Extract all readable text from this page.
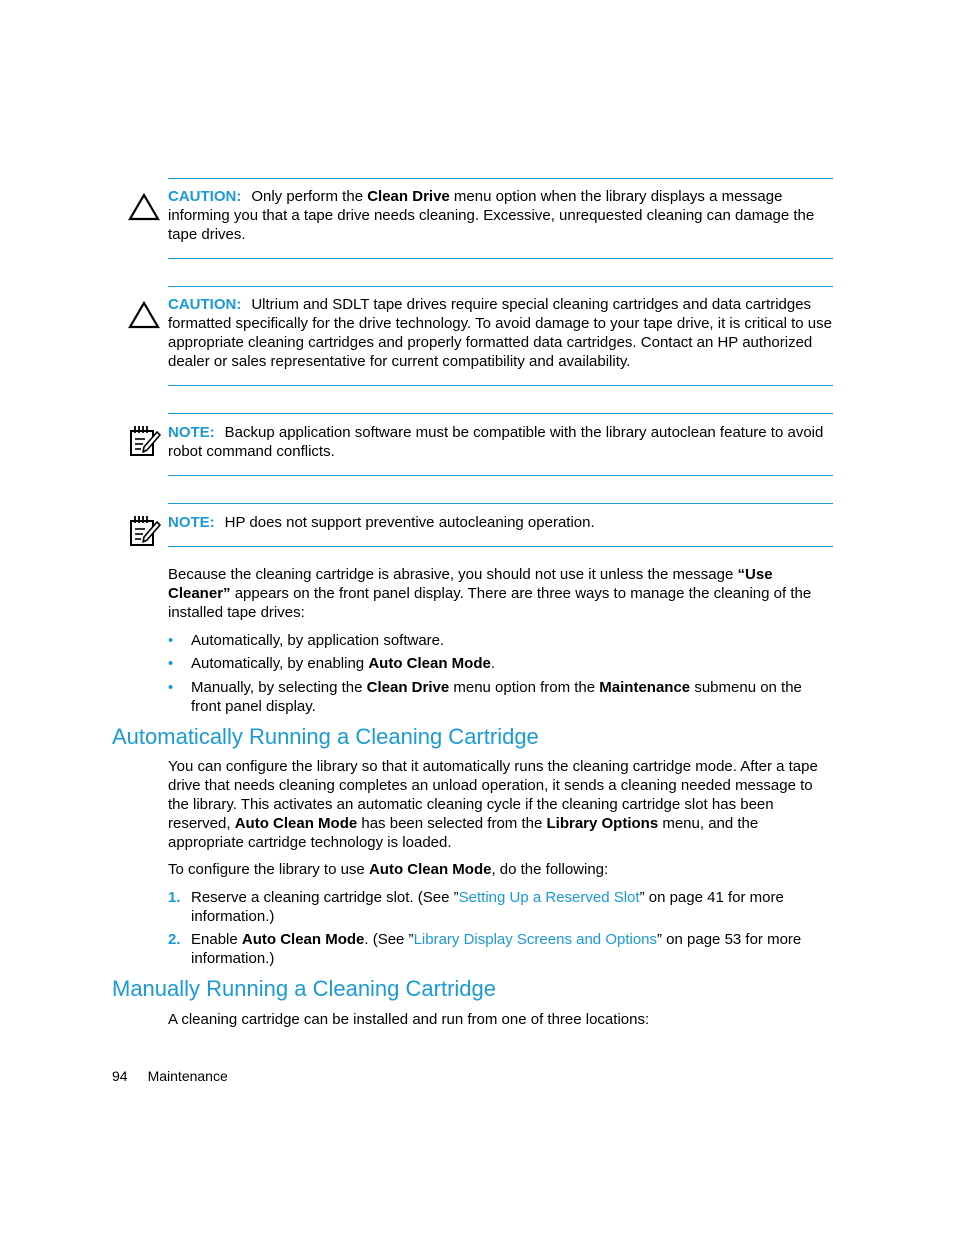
CAUTION: Only perform the Clean Drive menu option when the library displays a message informing you that a tape drive needs cleaning. Excessive, unrequested cleaning can damage the tape drives.
CAUTION: Ultrium and SDLT tape drives require special cleaning cartridges and data cartridges formatted specifically for the drive technology. To avoid damage to your tape drive, it is critical to use appropriate cleaning cartridges and properly formatted data cartridges. Contact an HP authorized dealer or sales representative for current compatibility and availability.
NOTE: Backup application software must be compatible with the library autoclean feature to avoid robot command conflicts.
NOTE: HP does not support preventive autocleaning operation.
Because the cleaning cartridge is abrasive, you should not use it unless the message “Use Cleaner” appears on the front panel display. There are three ways to manage the cleaning of the installed tape drives:
• Automatically, by application software.
• Automatically, by enabling Auto Clean Mode.
• Manually, by selecting the Clean Drive menu option from the Maintenance submenu on the front panel display.
Automatically Running a Cleaning Cartridge
You can configure the library so that it automatically runs the cleaning cartridge mode. After a tape drive that needs cleaning completes an unload operation, it sends a cleaning needed message to the library. This activates an automatic cleaning cycle if the cleaning cartridge slot has been reserved, Auto Clean Mode has been selected from the Library Options menu, and the appropriate cartridge technology is loaded.
To configure the library to use Auto Clean Mode, do the following:
1. Reserve a cleaning cartridge slot. (See ”Setting Up a Reserved Slot” on page 41 for more information.)
2. Enable Auto Clean Mode. (See ”Library Display Screens and Options” on page 53 for more information.)
Manually Running a Cleaning Cartridge
A cleaning cartridge can be installed and run from one of three locations:
94 Maintenance
